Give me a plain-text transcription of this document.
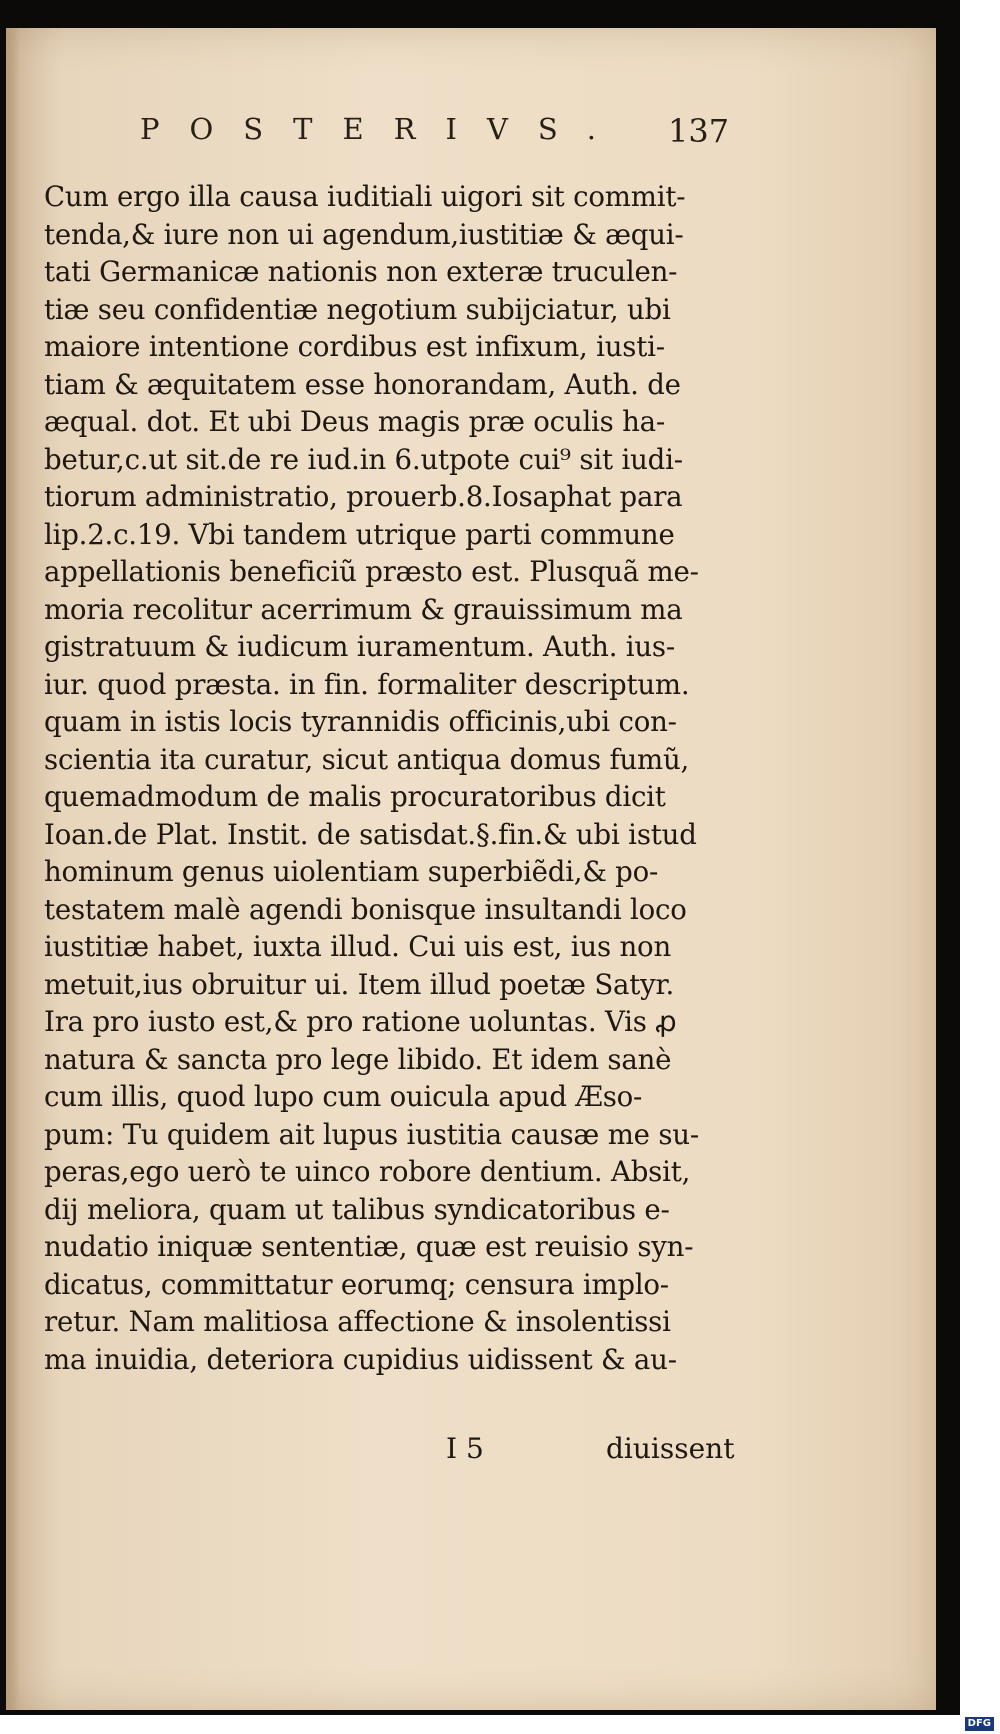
POSTERIVS. 137
Cum ergo illa causa iuditiali uigori sit commit-
tenda,& iure non ui agendum,iustitiæ & æqui-
tati Germanicæ nationis non exteræ truculen-
tiæ seu confidentiæ negotium subijciatur, ubi
maiore intentione cordibus est infixum, iusti-
tiam & æquitatem esse honorandam, Auth. de
æqual. dot. Et ubi Deus magis præ oculis ha-
betur,c.ut sit.de re iud.in 6.utpote cui⁹ sit iudi-
tiorum administratio, prouerb.8.Iosaphat para
lip.2.c.19. Vbi tandem utrique parti commune
appellationis beneficiũ præsto est. Plusquã me-
moria recolitur acerrimum & grauissimum ma
gistratuum & iudicum iuramentum. Auth. ius-
iur. quod præsta. in fin. formaliter descriptum.
quam in istis locis tyrannidis officinis,ubi con-
scientia ita curatur, sicut antiqua domus fumũ,
quemadmodum de malis procuratoribus dicit
Ioan.de Plat. Instit. de satisdat.§.fin.& ubi istud
hominum genus uiolentiam superbiẽdi,& po-
testatem malè agendi bonisque insultandi loco
iustitiæ habet, iuxta illud. Cui uis est, ius non
metuit,ius obruitur ui. Item illud poetæ Satyr.
Ira pro iusto est,& pro ratione uoluntas. Vis ꝓ
natura & sancta pro lege libido. Et idem sanè
cum illis, quod lupo cum ouicula apud Æso-
pum: Tu quidem ait lupus iustitia causæ me su-
peras,ego uerò te uinco robore dentium. Absit,
dij meliora, quam ut talibus syndicatoribus e-
nudatio iniquæ sententiæ, quæ est reuisio syn-
dicatus, committatur eorumq; censura implo-
retur. Nam malitiosa affectione & insolentissi
ma inuidia, deteriora cupidius uidissent & au-
I 5	diuissent
Digitalisierung gefördert durch die Deutsche Forschungsgemeinschaft DFG
